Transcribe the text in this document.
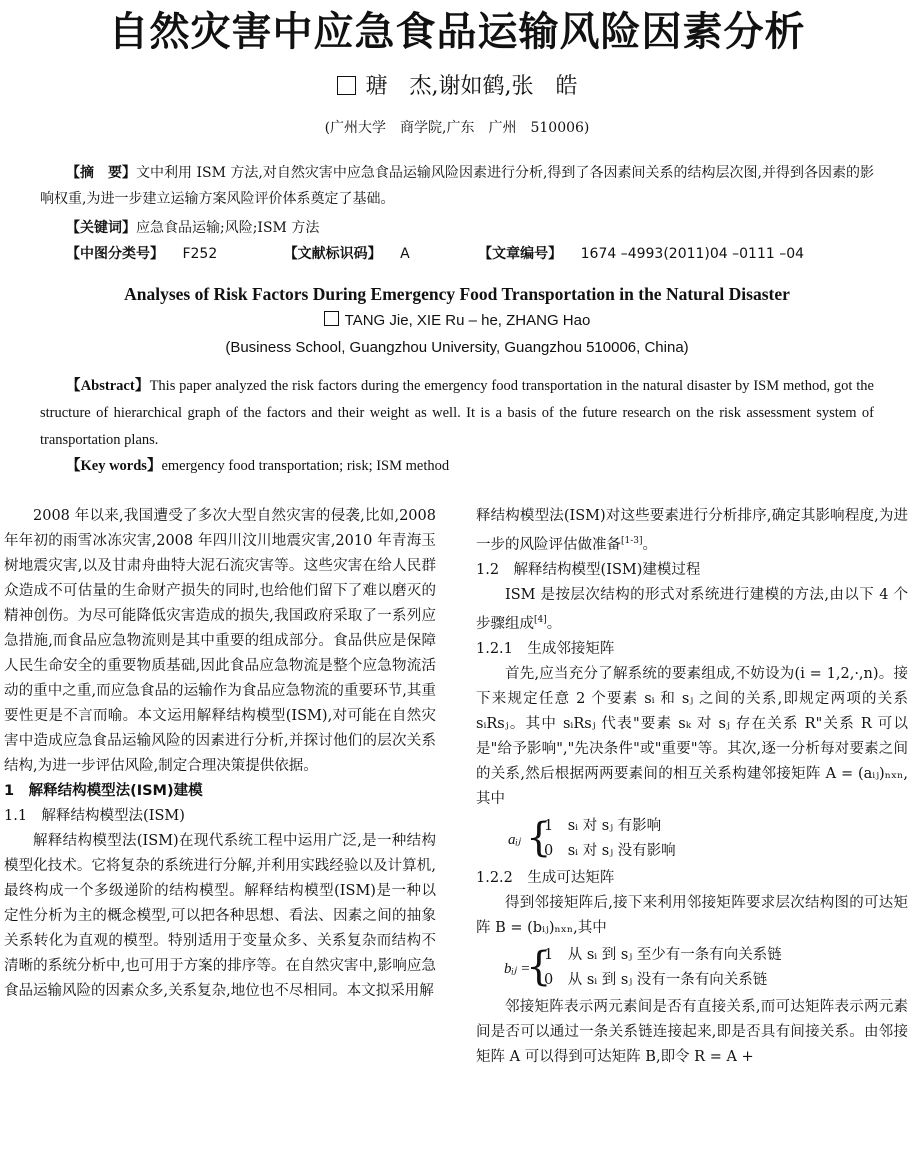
自然灾害中应急食品运输风险因素分析
瑭　杰,谢如鹤,张　皓
(广州大学　商学院,广东　广州　510006)
【摘　要】文中利用 ISM 方法,对自然灾害中应急食品运输风险因素进行分析,得到了各因素间关系的结构层次图,并得到各因素的影响权重,为进一步建立运输方案风险评价体系奠定了基础。
【关键词】应急食品运输;风险;ISM 方法
【中图分类号】 F252	【文献标识码】 A	【文章编号】 1674 –4993(2011)04 –0111 –04
Analyses of Risk Factors During Emergency Food Transportation in the Natural Disaster
TANG Jie, XIE Ru – he, ZHANG Hao
(Business School, Guangzhou University, Guangzhou 510006, China)
【Abstract】This paper analyzed the risk factors during the emergency food transportation in the natural disaster by ISM method, got the structure of hierarchical graph of the factors and their weight as well. It is a basis of the future research on the risk assessment system of transportation plans.
【Key words】emergency food transportation; risk; ISM method

2008 年以来,我国遭受了多次大型自然灾害的侵袭,比如,2008 年年初的雨雪冰冻灾害,2008 年四川汶川地震灾害,2010 年青海玉树地震灾害,以及甘肃舟曲特大泥石流灾害等。这些灾害在给人民群众造成不可估量的生命财产损失的同时,也给他们留下了难以磨灭的精神创伤。为尽可能降低灾害造成的损失,我国政府采取了一系列应急措施,而食品应急物流则是其中重要的组成部分。食品供应是保障人民生命安全的重要物质基础,因此食品应急物流是整个应急物流活动的重中之重,而应急食品的运输作为食品应急物流的重要环节,其重要性更是不言而喻。本文运用解释结构模型(ISM),对可能在自然灾害中造成应急食品运输风险的因素进行分析,并探讨他们的层次关系结构,为进一步评估风险,制定合理决策提供依据。

1　解释结构模型法(ISM)建模

1.1　解释结构模型法(ISM)

解释结构模型法(ISM)在现代系统工程中运用广泛,是一种结构模型化技术。它将复杂的系统进行分解,并利用实践经验以及计算机,最终构成一个多级递阶的结构模型。解释结构模型(ISM)是一种以定性分析为主的概念模型,可以把各种思想、看法、因素之间的抽象关系转化为直观的模型。特别适用于变量众多、关系复杂而结构不清晰的系统分析中,也可用于方案的排序等。在自然灾害中,影响应急食品运输风险的因素众多,关系复杂,地位也不尽相同。本文拟采用解

释结构模型法(ISM)对这些要素进行分析排序,确定其影响程度,为进一步的风险评估做准备[1-3]。

1.2　解释结构模型(ISM)建模过程

ISM 是按层次结构的形式对系统进行建模的方法,由以下 4 个步骤组成[4]。

1.2.1　生成邻接矩阵

首先,应当充分了解系统的要素组成,不妨设为(i = 1,2,·,n)。接下来规定任意 2 个要素 sᵢ 和 sⱼ 之间的关系,即规定两项的关系 sᵢRsⱼ。其中 sᵢRsⱼ 代表"要素 sₖ 对 sⱼ 存在关系 R"关系 R 可以是"给予影响","先决条件"或"重要"等。其次,逐一分析每对要素之间的关系,然后根据两两要素间的相互关系构建邻接矩阵 A = (aᵢⱼ)ₙₓₙ,其中

aᵢⱼ {
1　sᵢ 对 sⱼ 有影响
0　sᵢ 对 sⱼ 没有影响

1.2.2　生成可达矩阵

得到邻接矩阵后,接下来利用邻接矩阵要求层次结构图的可达矩阵 B = (bᵢⱼ)ₙₓₙ,其中

bᵢⱼ =
{
1　从 sᵢ 到 sⱼ 至少有一条有向关系链
0　从 sᵢ 到 sⱼ 没有一条有向关系链

邻接矩阵表示两元素间是否有直接关系,而可达矩阵表示两元素间是否可以通过一条关系链连接起来,即是否具有间接关系。由邻接矩阵 A 可以得到可达矩阵 B,即令 R = A +
